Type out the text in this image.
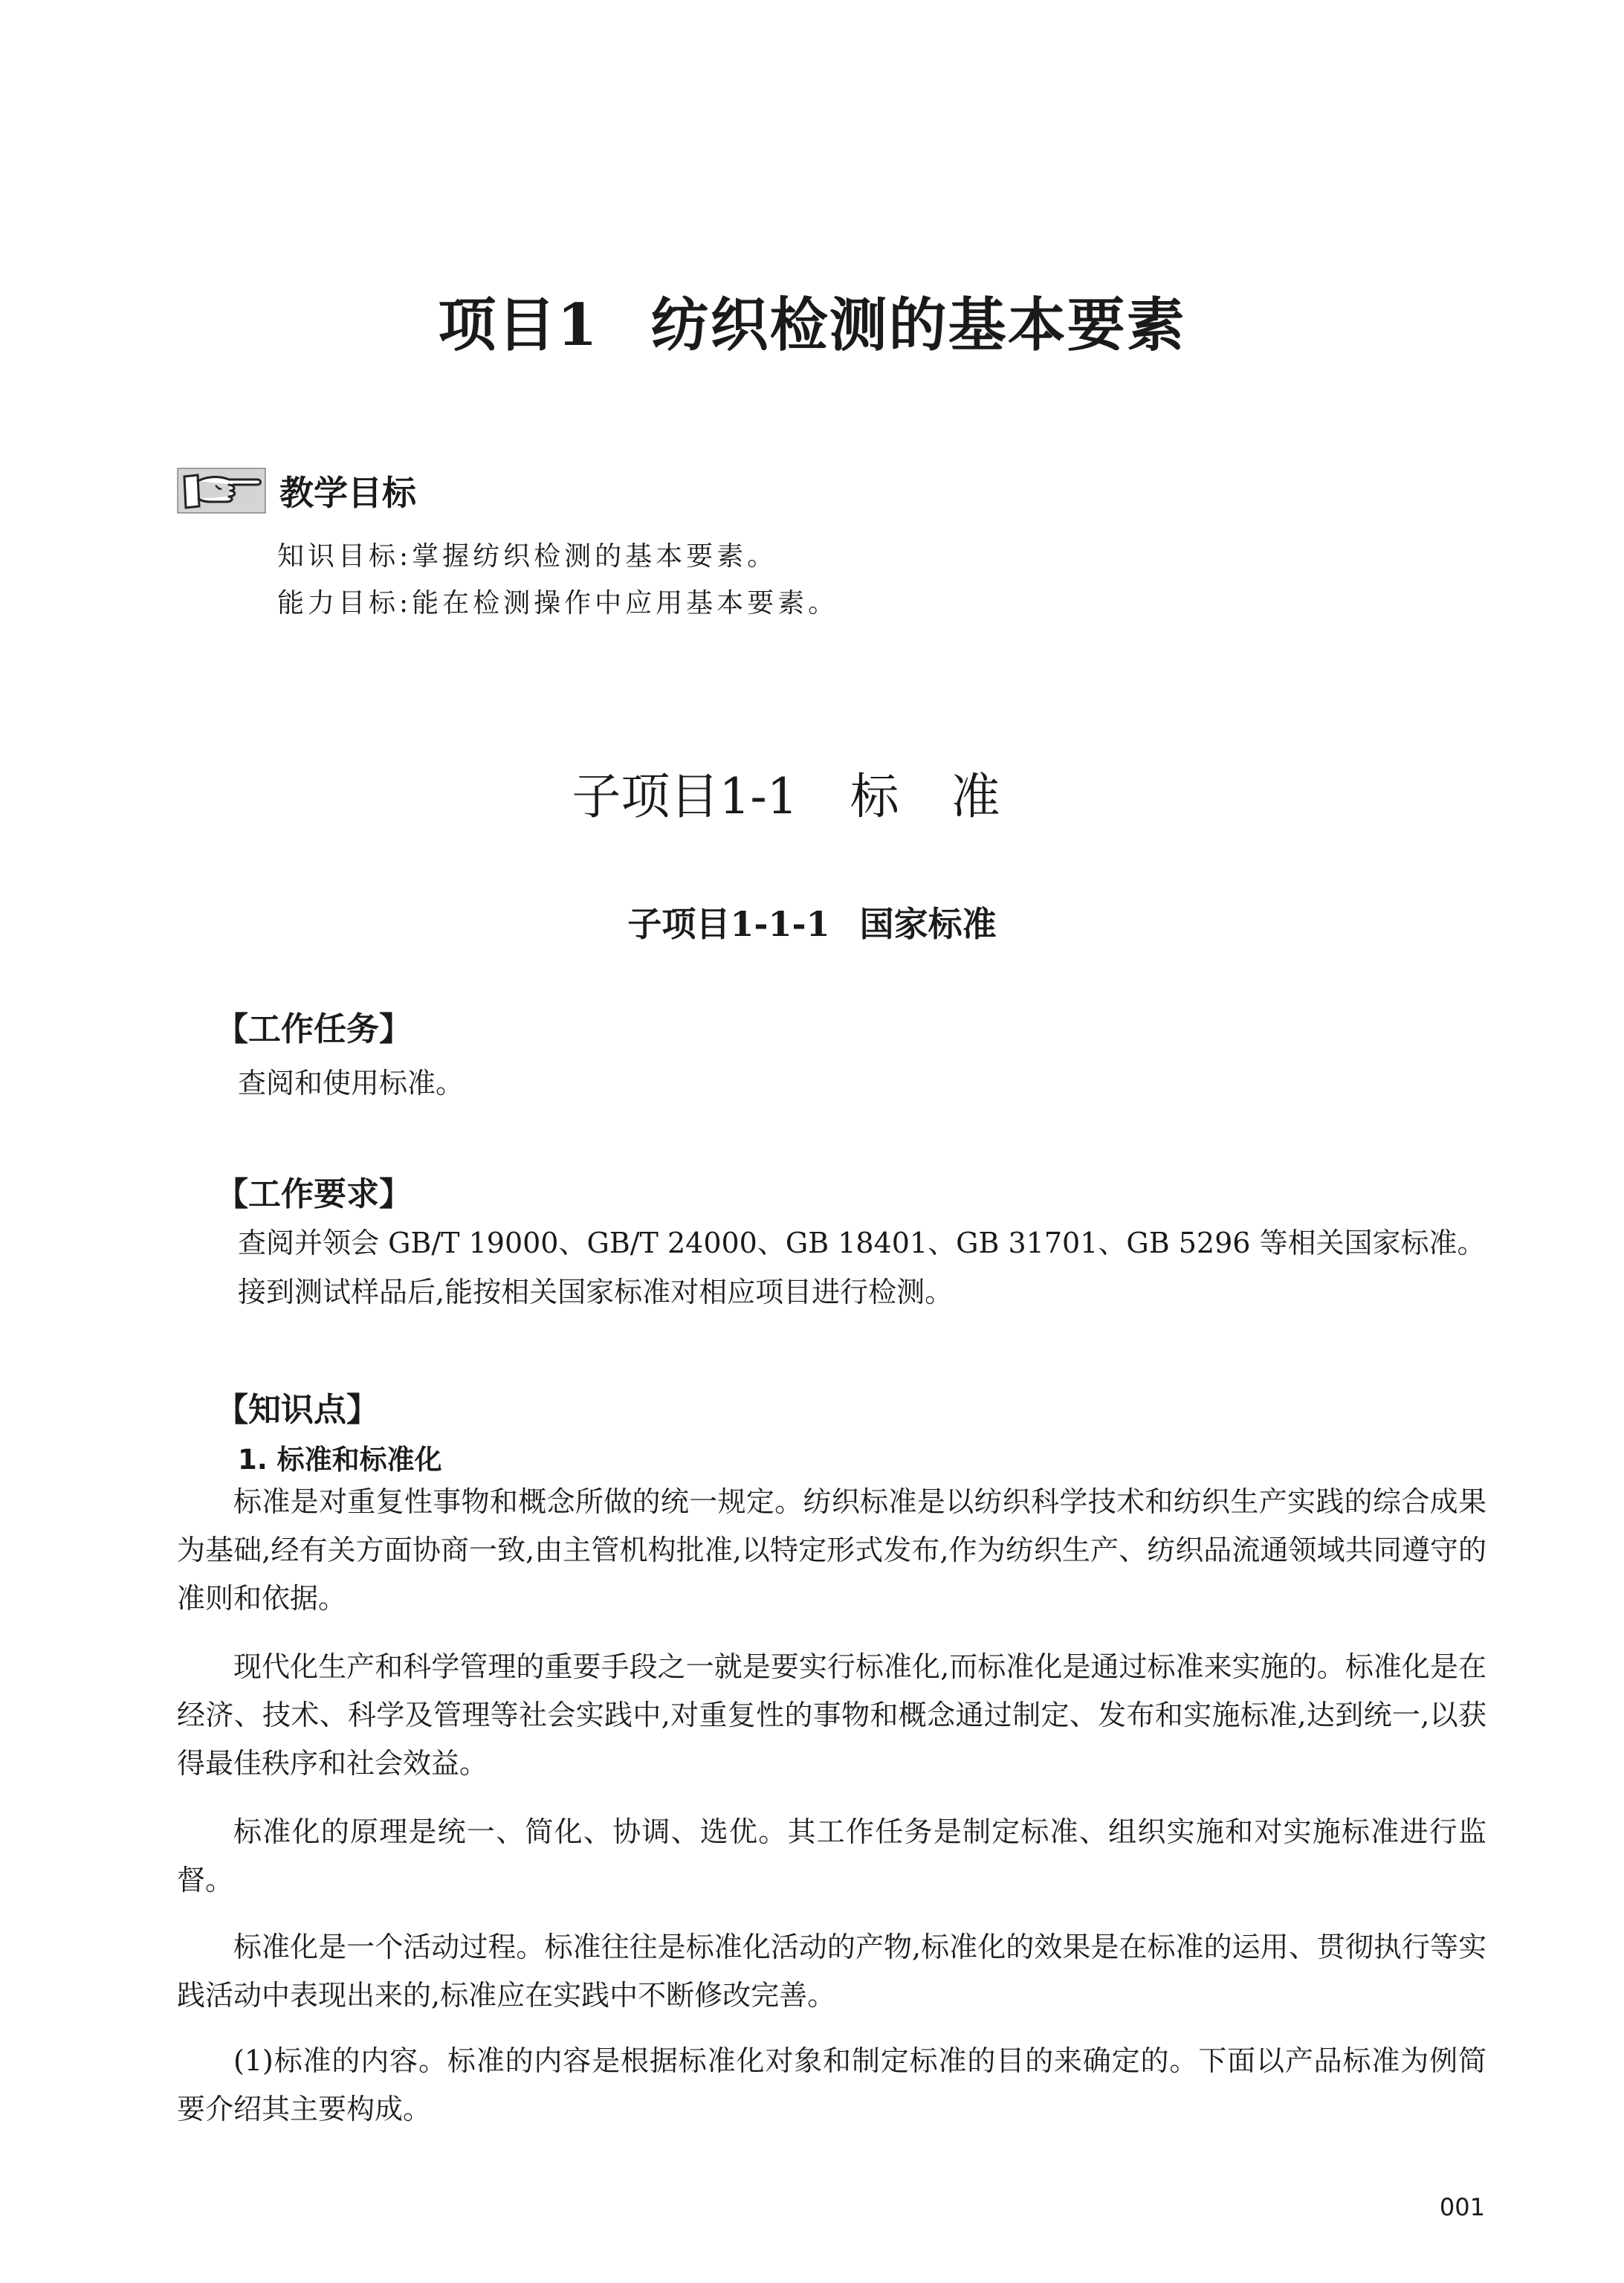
项目1 纺织检测的基本要素
教学目标
知识目标:掌握纺织检测的基本要素。
能力目标:能在检测操作中应用基本要素。
子项目1-1 标准
子项目1-1-1 国家标准
【工作任务】
查阅和使用标准。
【工作要求】
查阅并领会 GB/T 19000、GB/T 24000、GB 18401、GB 31701、GB 5296 等相关国家标准。
接到测试样品后,能按相关国家标准对相应项目进行检测。
【知识点】
1. 标准和标准化

标准是对重复性事物和概念所做的统一规定。纺织标准是以纺织科学技术和纺织生产实践的综合成果为基础,经有关方面协商一致,由主管机构批准,以特定形式发布,作为纺织生产、纺织品流通领域共同遵守的准则和依据。

现代化生产和科学管理的重要手段之一就是要实行标准化,而标准化是通过标准来实施的。标准化是在经济、技术、科学及管理等社会实践中,对重复性的事物和概念通过制定、发布和实施标准,达到统一,以获得最佳秩序和社会效益。

标准化的原理是统一、简化、协调、选优。其工作任务是制定标准、组织实施和对实施标准进行监督。

标准化是一个活动过程。标准往往是标准化活动的产物,标准化的效果是在标准的运用、贯彻执行等实践活动中表现出来的,标准应在实践中不断修改完善。

(1)标准的内容。标准的内容是根据标准化对象和制定标准的目的来确定的。下面以产品标准为例简要介绍其主要构成。

001
